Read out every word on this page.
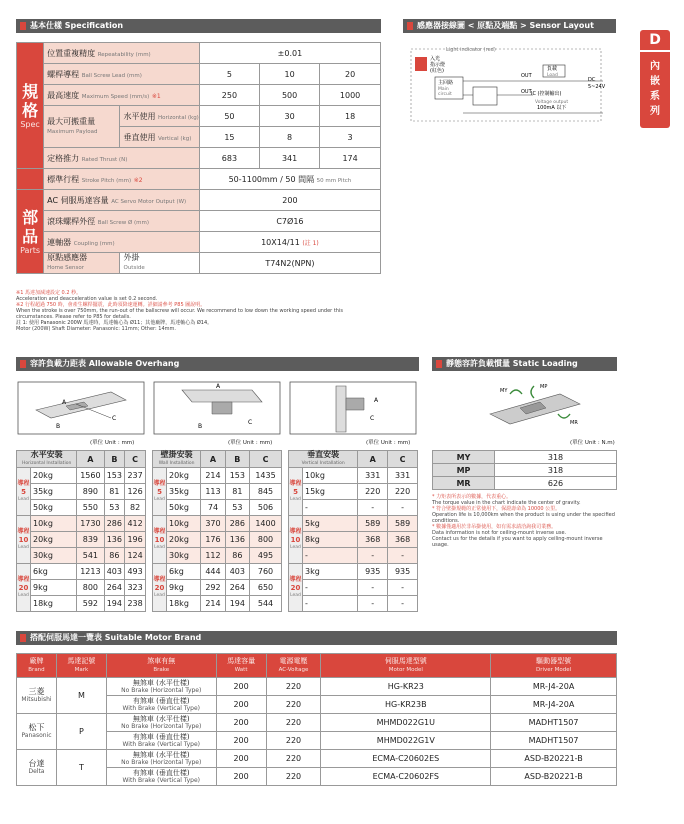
基本仕樣 Specification
規
格
Spec	位置重複精度 Repeatability (mm)		±0.01		
	螺桿導程 Ball Screw Lead (mm)		5	10	20
	最高速度 Maximum Speed (mm/s) ※1		250	500	1000
	最大可搬重量
Maximum Payload	水平使用 Horizontal (kg)	50	30	18
		垂直使用 Vertical (kg)	15	8	3
	定格推力 Rated Thrust (N)		683	341	174
	標準行程 Stroke Pitch (mm) ※2		50-1100mm / 50 間隔 50 mm Pitch		

部
品
Parts	AC 伺服馬達容量 AC Servo Motor Output (W)		200		
	滾珠螺桿外徑 Ball Screw Ø (mm)		C7Ø16		
	連軸器 Coupling (mm)		10X14/11 (註 1)		
	原點感應器
Home Sensor	外掛
Outside	T74N2(NPN)		
※1 馬達加減速設定 0.2 秒。
Acceleration and deacceleration value is set 0.2 second.
※2 行程超過 750 時，會產生螺桿擺震，此時須降速運轉。詳細請參考 P85 圖說明。
When the stroke is over 750mm, the run-out of the ballscrew will occur. We recommend to low down the working speed under this circumstances. Please refer to P85 for details.
註 1: 使用 Panasonic 200W 馬達時，馬達軸心為 Ø11；其他廠牌，馬達軸心為 Ø14。
Motor (200W) Shaft Diameter: Panasonic: 11mm; Other: 14mm.
感應器接線圖 < 原點及端點 > Sensor Layout
Light indicator (red)
入光
指示燈
(紅色)
主回路
Main
circuit
OUT
OUT
負載
Load
DC
5~24V
IC (控制輸出)
Voltage output
100mA 以下
D
內
嵌
系
列
容許負載力距表 Allowable Overhang
C
A
B
A
B
C
A
C
(單位 Unit : mm)	(單位 Unit : mm)	(單位 Unit : mm)
水平安裝
Horizontal Installation		A	B	C

導程
5
Lead	20kg	1560	153	237
	35kg	890	81	126
	50kg	550	53	82

導程
10
Lead	10kg	1730	286	412
	20kg	839	136	196
	30kg	541	86	124

導程
20
Lead	6kg	1213	403	493
	9kg	800	264	323
	18kg	592	194	238
壁掛安裝
Wall Installation		A	B	C

導程
5
Lead	20kg	214	153	1435
	35kg	113	81	845
	50kg	74	53	506

導程
10
Lead	10kg	370	286	1400
	20kg	176	136	800
	30kg	112	86	495

導程
20
Lead	6kg	444	403	760
	9kg	292	264	650
	18kg	214	194	544
垂直安裝
Vertical Installation		A	C

導程
5
Lead	10kg	331	331
	15kg	220	220
	-	-	-

導程
10
Lead	5kg	589	589
	8kg	368	368
	-	-	-

導程
20
Lead	3kg	935	935
	-	-	-
	-	-	-
靜態容許負載慣量 Static Loading Moment
MY
MP
MR
(單位 Unit : N.m)
MY	318
MP	318
MR	626
* 力矩表所表示的數據，代表重心。
The torque value in the chart indicate the center of gravity.
* 符合壁掛規範的正常使用下，保證壽命為 10000 公里。
Operation life is 10,000km when the product is using under the specified conditions.
* 數據僅適用於非吊掛使用，如有需求請洽詢我司業務。
Data information is not for ceiling-mount inverse use.
Contact us for the details if you want to apply ceiling-mount inverse usage.
搭配伺服馬達一覽表 Suitable Motor Brand
廠牌
Brand	馬達記號
Mark	煞車有無
Brake	馬達容量
Watt	電源電壓
AC-Voltage	伺服馬達型號
Motor Model	驅動器型號
Driver Model

三菱
Mitsubishi	M	無煞車 (水平仕樣)
No Brake (Horizontal Type)	200	220	HG-KR23	MR-J4-20A

		有煞車 (垂直仕樣)
With Brake (Vertical Type)	200	220	HG-KR23B	MR-J4-20A

松下
Panasonic	P	無煞車 (水平仕樣)
No Brake (Horizontal Type)	200	220	MHMD022G1U	MADHT1507

		有煞車 (垂直仕樣)
With Brake (Vertical Type)	200	220	MHMD022G1V	MADHT1507

台達
Delta	T	無煞車 (水平仕樣)
No Brake (Horizontal Type)	200	220	ECMA-C20602ES	ASD-B20221-B

		有煞車 (垂直仕樣)
With Brake (Vertical Type)	200	220	ECMA-C20602FS	ASD-B20221-B
